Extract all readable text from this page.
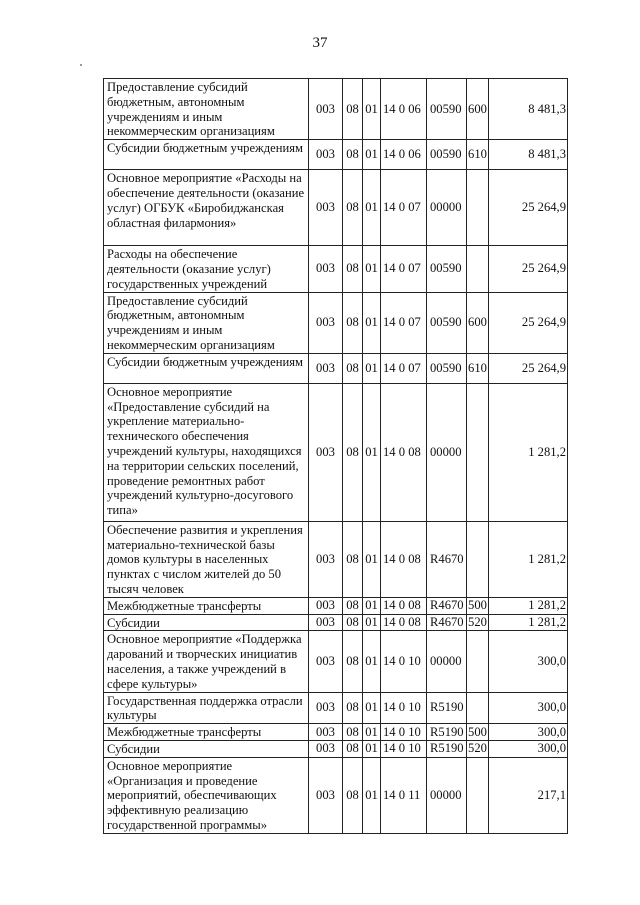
37
Предоставление субсидий бюджетным, автономным учреждениям и иным некоммерческим организациям	003	08	01	14 0 06	00590	600	8 481,3
Субсидии бюджетным учреждениям	003	08	01	14 0 06	00590	610	8 481,3
Основное мероприятие «Расходы на обеспечение деятельности (оказание услуг) ОГБУК «Биробиджанская областная филармония»	003	08	01	14 0 07	00000		25 264,9
Расходы на обеспечение деятельности (оказание услуг) государственных учреждений	003	08	01	14 0 07	00590		25 264,9
Предоставление субсидий бюджетным, автономным учреждениям и иным некоммерческим организациям	003	08	01	14 0 07	00590	600	25 264,9
Субсидии бюджетным учреждениям	003	08	01	14 0 07	00590	610	25 264,9
Основное мероприятие «Предоставление субсидий на укрепление материально-технического обеспечения учреждений культуры, находящихся на территории сельских поселений, проведение ремонтных работ учреждений культурно-досугового типа»	003	08	01	14 0 08	00000		1 281,2
Обеспечение развития и укрепления материально-технической базы домов культуры в населенных пунктах с числом жителей до 50 тысяч человек	003	08	01	14 0 08	R4670		1 281,2
Межбюджетные трансферты	003	08	01	14 0 08	R4670	500	1 281,2
Субсидии	003	08	01	14 0 08	R4670	520	1 281,2
Основное мероприятие «Поддержка дарований и творческих инициатив населения, а также учреждений в сфере культуры»	003	08	01	14 0 10	00000		300,0
Государственная поддержка отрасли культуры	003	08	01	14 0 10	R5190		300,0
Межбюджетные трансферты	003	08	01	14 0 10	R5190	500	300,0
Субсидии	003	08	01	14 0 10	R5190	520	300,0
Основное мероприятие «Организация и проведение мероприятий, обеспечивающих эффективную реализацию государственной программы»	003	08	01	14 0 11	00000		217,1
